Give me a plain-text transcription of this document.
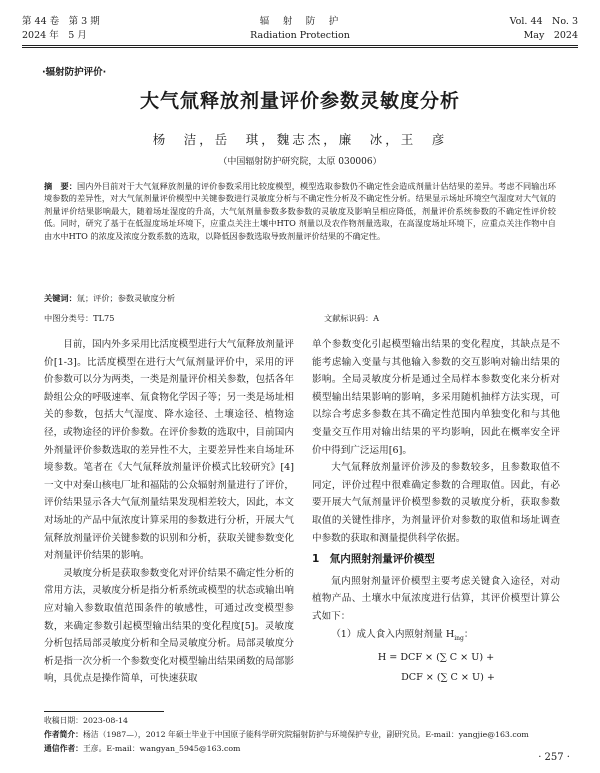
第 44 卷　第 3 期
2024 年　5 月
辐　射　防　护
Radiation Protection
Vol. 44　No. 3
May　2024
·辐射防护评价·
大气氚释放剂量评价参数灵敏度分析
杨　洁，岳　琪，魏志杰，廉　冰，王　彦
（中国辐射防护研究院，太原 030006）
摘　要：国内外目前对于大气氚释放剂量的评价参数采用比较度模型，模型选取参数仍不确定性会造成剂量计估结果的差异。考虑不同输出环境参数的差异性，对大气氚剂量评价模型中关键参数进行灵敏度分析与不确定性分析及不确定性分析。结果显示场址环境空气湿度对大气氚的剂量评价结果影响最大，随着场址湿度的升高，大气氚剂量参数多数参数的灵敏度及影响呈相应降低，剂量评价系统参数的不确定性评价较低。同时，研究了基于在低湿度场址环境下，应重点关注土壤中HTO 剂量以及农作物剂量选取，在高湿度场址环境下，应重点关注作物中自由水中HTO 的浓度及浓度分数系数的选取，以降低因参数选取导致剂量评价结果的不确定性。
关键词：氚；评价；参数灵敏度分析
中图分类号：TL75	文献标识码：A

目前，国内外多采用比活度模型进行大气氚释放剂量评价[1-3]。比活度模型在进行大气氚剂量评价中，采用的评价参数可以分为两类，一类是剂量评价相关参数，包括各年龄组公众的呼吸速率、氚食物化学因子等；另一类是场址相关的参数，包括大气湿度、降水途径、土壤途径、植物途径，或物途径的评价参数。在评价参数的选取中，目前国内外剂量评价参数选取的差异性不大，主要差异性来自场址环境参数。笔者在《大气氚释放剂量评价模式比较研究》[4]一文中对秦山核电厂址和福陆的公众辐射剂量进行了评价，评价结果显示各大气氚剂量结果发现相差较大，因此，本文对场址的产品中氚浓度计算采用的参数进行分析，开展大气氚释放剂量评价关键参数的识别和分析，获取关键参数变化对剂量评价结果的影响。

灵敏度分析是获取参数变化对评价结果不确定性分析的常用方法，灵敏度分析是指分析系统或模型的状态或输出响应对输入参数取值范围条件的敏感性，可通过改变模型参数，来确定参数引起模型输出结果的变化程度[5]。灵敏度分析包括局部灵敏度分析和全局灵敏度分析。局部灵敏度分析是指一次分析一个参数变化对模型输出结果函数的局部影响，具优点是操作简单，可快速获取

单个参数变化引起模型输出结果的变化程度，其缺点是不能考虑输入变量与其他输入参数的交互影响对输出结果的影响。全局灵敏度分析是通过全局样本参数变化来分析对模型输出结果影响的影响，多采用随机抽样方法实现，可以综合考虑多参数在其不确定性范围内单独变化和与其他变量交互作用对输出结果的平均影响，因此在概率安全评价中得到广泛运用[6]。

大气氚释放剂量评价涉及的参数较多，且参数取值不同定，评价过程中很难确定参数的合理取值。因此，有必要开展大气氚剂量评价模型参数的灵敏度分析，获取参数取值的关键性排序，为剂量评价对参数的取值和场址调查中参数的获取和测量提供科学依据。

1　氚内照射剂量评价模型

氚内照射剂量评价模型主要考虑关键食入途径，对动植物产品、土壤水中氚浓度进行估算，其评价模型计算公式如下：

（1）成人食入内照射剂量 $H_{ing}$：

H = DCF × (∑ C × U) +
DCF × (∑ C × U) +
收稿日期：2023-08-14
作者简介：杨洁（1987—），2012 年硕士毕业于中国原子能科学研究院辐射防护与环境保护专业，副研究员。E-mail：yangjie@163.com
通信作者：王彦。E-mail：wangyan_5945@163.com
· 257 ·
